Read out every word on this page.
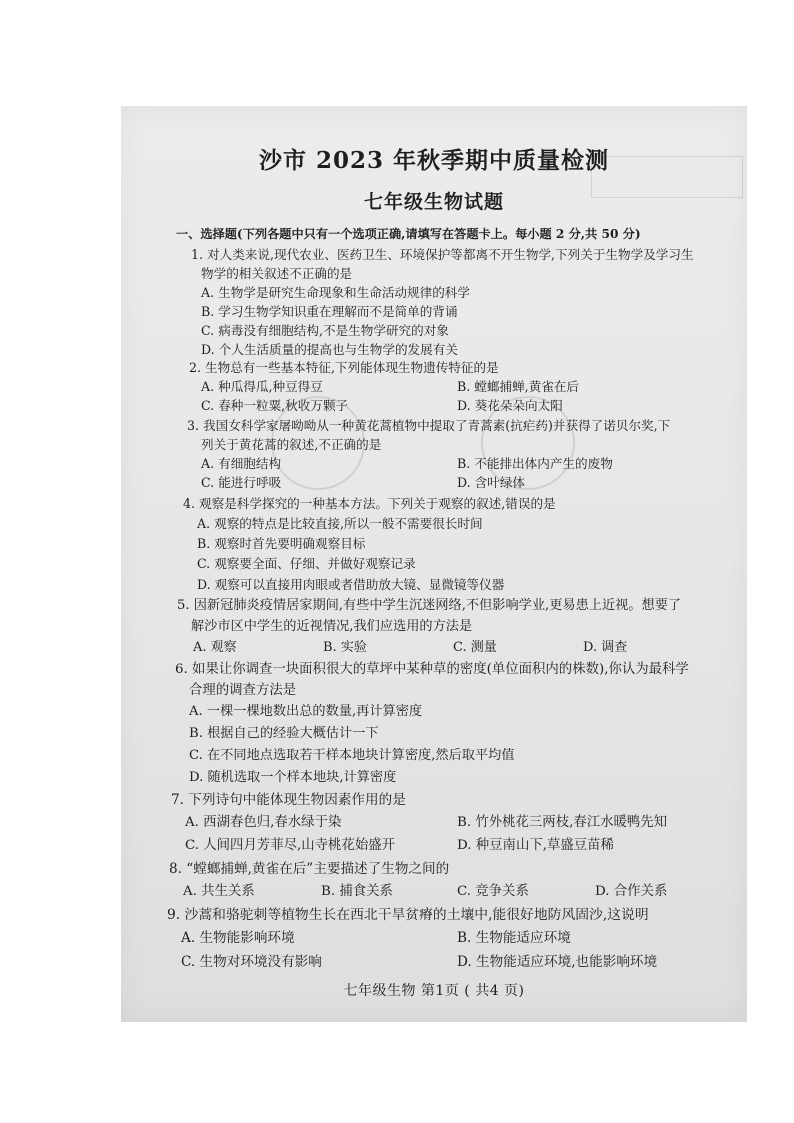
沙市 2023 年秋季期中质量检测
七年级生物试题
一、选择题(下列各题中只有一个选项正确,请填写在答题卡上。每小题 2 分,共 50 分)
1. 对人类来说,现代农业、医药卫生、环境保护等都离不开生物学,下列关于生物学及学习生
物学的相关叙述不正确的是
A. 生物学是研究生命现象和生命活动规律的科学
B. 学习生物学知识重在理解而不是简单的背诵
C. 病毒没有细胞结构,不是生物学研究的对象
D. 个人生活质量的提高也与生物学的发展有关
2. 生物总有一些基本特征,下列能体现生物遗传特征的是
A. 种瓜得瓜,种豆得豆	B. 螳螂捕蝉,黄雀在后
C. 春种一粒粟,秋收万颗子	D. 葵花朵朵向太阳
3. 我国女科学家屠呦呦从一种黄花蒿植物中提取了青蒿素(抗疟药)并获得了诺贝尔奖,下
列关于黄花蒿的叙述,不正确的是
A. 有细胞结构	B. 不能排出体内产生的废物
C. 能进行呼吸	D. 含叶绿体
4. 观察是科学探究的一种基本方法。下列关于观察的叙述,错误的是
A. 观察的特点是比较直接,所以一般不需要很长时间
B. 观察时首先要明确观察目标
C. 观察要全面、仔细、并做好观察记录
D. 观察可以直接用肉眼或者借助放大镜、显微镜等仪器
5. 因新冠肺炎疫情居家期间,有些中学生沉迷网络,不但影响学业,更易患上近视。想要了
解沙市区中学生的近视情况,我们应选用的方法是
A. 观察	B. 实验	C. 测量	D. 调查
6. 如果让你调查一块面积很大的草坪中某种草的密度(单位面积内的株数),你认为最科学
合理的调查方法是
A. 一棵一棵地数出总的数量,再计算密度
B. 根据自己的经验大概估计一下
C. 在不同地点选取若干样本地块计算密度,然后取平均值
D. 随机选取一个样本地块,计算密度
7. 下列诗句中能体现生物因素作用的是
A. 西湖春色归,春水绿于染	B. 竹外桃花三两枝,春江水暖鸭先知
C. 人间四月芳菲尽,山寺桃花始盛开	D. 种豆南山下,草盛豆苗稀
8. “螳螂捕蝉,黄雀在后”主要描述了生物之间的
A. 共生关系	B. 捕食关系	C. 竞争关系	D. 合作关系
9. 沙蒿和骆驼刺等植物生长在西北干旱贫瘠的土壤中,能很好地防风固沙,这说明
A. 生物能影响环境	B. 生物能适应环境
C. 生物对环境没有影响	D. 生物能适应环境,也能影响环境
七年级生物 第1页 ( 共4 页)
